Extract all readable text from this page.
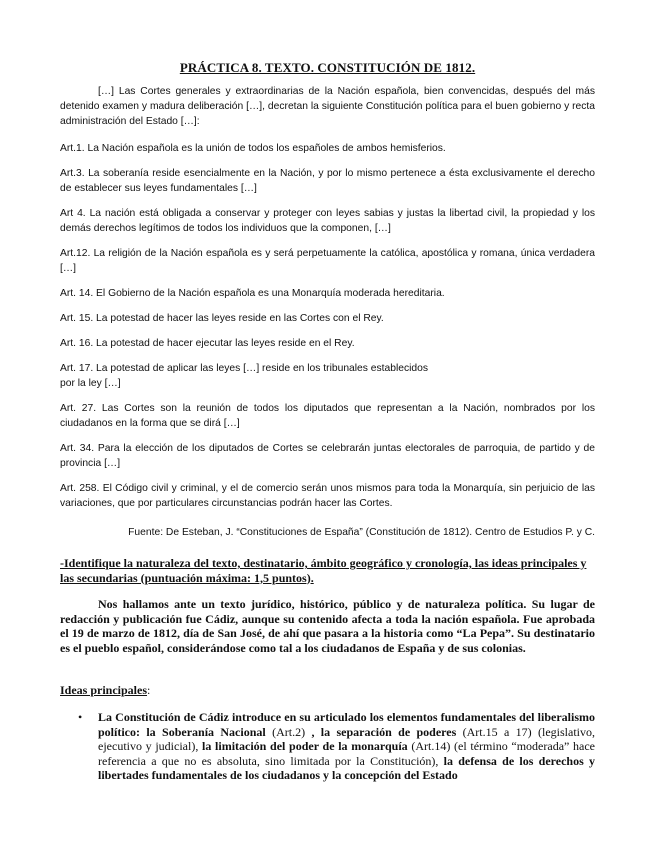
PRÁCTICA 8. TEXTO. CONSTITUCIÓN DE 1812.

[…] Las Cortes generales y extraordinarias de la Nación española, bien convencidas, después del más detenido examen y madura deliberación […], decretan la siguiente Constitución política para el buen gobierno y recta administración del Estado […]:

Art.1. La Nación española es la unión de todos los españoles de ambos hemisferios.

Art.3. La soberanía reside esencialmente en la Nación, y por lo mismo pertenece a ésta exclusivamente el derecho de establecer sus leyes fundamentales […]

Art 4. La nación está obligada a conservar y proteger con leyes sabias y justas la libertad civil, la propiedad y los demás derechos legítimos de todos los individuos que la componen, […]

Art.12. La religión de la Nación española es y será perpetuamente la católica, apostólica y romana, única verdadera […]

Art. 14. El Gobierno de la Nación española es una Monarquía moderada hereditaria.

Art. 15. La potestad de hacer las leyes reside en las Cortes con el Rey.

Art. 16. La potestad de hacer ejecutar las leyes reside en el Rey.

Art. 17. La potestad de aplicar las leyes […] reside en los tribunales establecidos

por la ley […]

Art. 27. Las Cortes son la reunión de todos los diputados que representan a la Nación, nombrados por los ciudadanos en la forma que se dirá […]

Art. 34. Para la elección de los diputados de Cortes se celebrarán juntas electorales de parroquia, de partido y de provincia […]

Art. 258. El Código civil y criminal, y el de comercio serán unos mismos para toda la Monarquía, sin perjuicio de las variaciones, que por particulares circunstancias podrán hacer las Cortes.

Fuente: De Esteban, J. “Constituciones de España” (Constitución de 1812). Centro de Estudios P. y C.
-Identifique la naturaleza del texto, destinatario, ámbito geográfico y cronología, las ideas principales y las secundarias (puntuación máxima: 1,5 puntos).

Nos hallamos ante un texto jurídico, histórico, público y de naturaleza política. Su lugar de redacción y publicación fue Cádiz, aunque su contenido afecta a toda la nación española. Fue aprobada el 19 de marzo de 1812, día de San José, de ahí que pasara a la historia como “La Pepa”. Su destinatario es el pueblo español, considerándose como tal a los ciudadanos de España y de sus colonias.

Ideas principales:
• La Constitución de Cádiz introduce en su articulado los elementos fundamentales del liberalismo político: la Soberanía Nacional (Art.2) , la separación de poderes (Art.15 a 17) (legislativo, ejecutivo y judicial), la limitación del poder de la monarquía (Art.14) (el término “moderada” hace referencia a que no es absoluta, sino limitada por la Constitución), la defensa de los derechos y libertades fundamentales de los ciudadanos y la concepción del Estado
